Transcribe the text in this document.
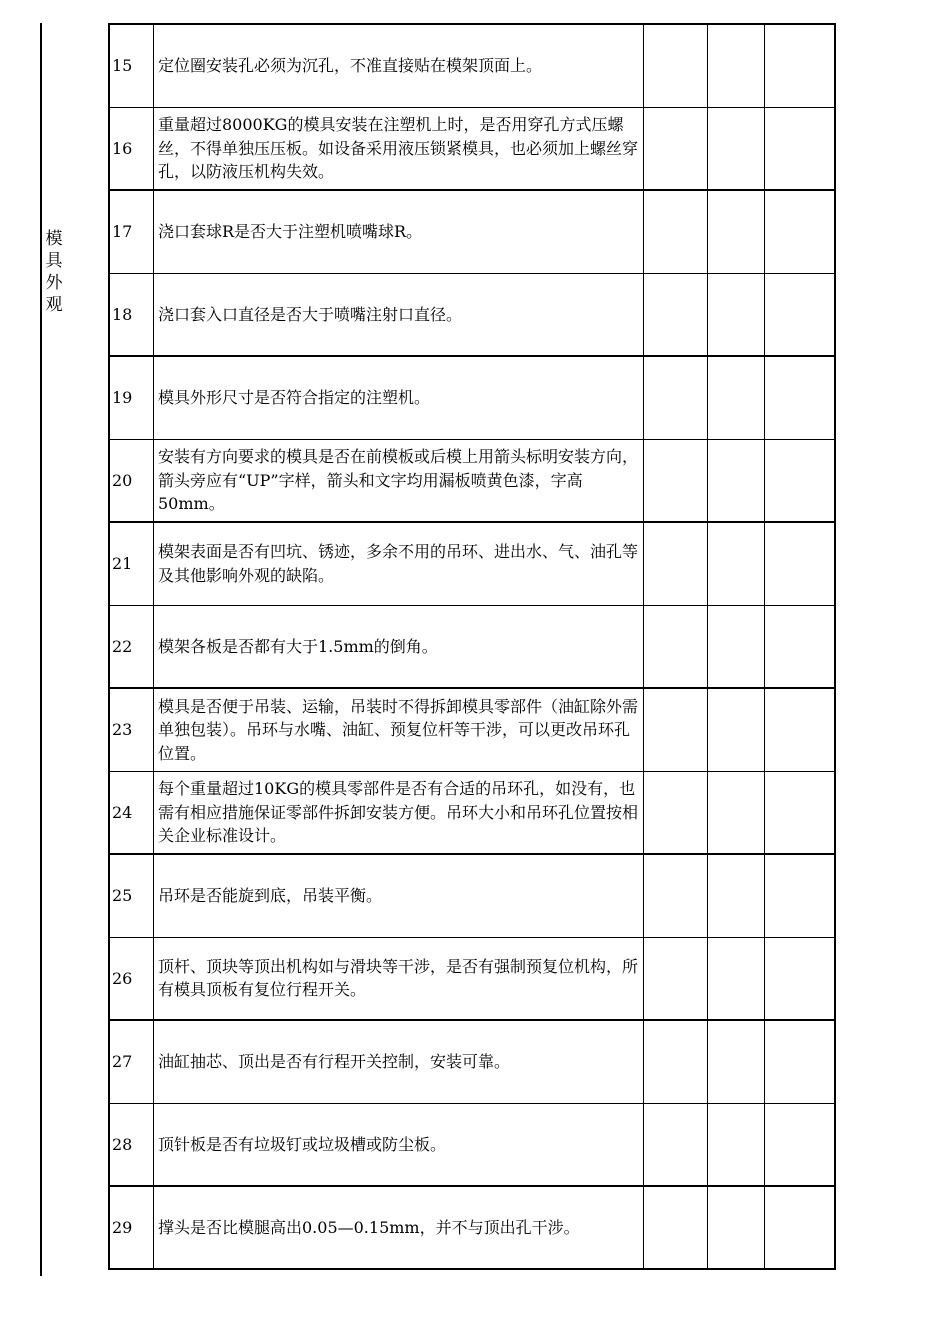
模
具
外
观
15	定位圈安装孔必须为沉孔，不准直接贴在模架顶面上。			
16	重量超过8000KG的模具安装在注塑机上时，是否用穿孔方式压螺丝，不得单独压压板。如设备采用液压锁紧模具，也必须加上螺丝穿孔，以防液压机构失效。			
17	浇口套球R是否大于注塑机喷嘴球R。			
18	浇口套入口直径是否大于喷嘴注射口直径。			
19	模具外形尺寸是否符合指定的注塑机。			
20	安装有方向要求的模具是否在前模板或后模上用箭头标明安装方向，箭头旁应有“UP”字样，箭头和文字均用漏板喷黄色漆，字高50mm。			
21	模架表面是否有凹坑、锈迹，多余不用的吊环、进出水、气、油孔等及其他影响外观的缺陷。			
22	模架各板是否都有大于1.5mm的倒角。			
23	模具是否便于吊装、运输，吊装时不得拆卸模具零部件（油缸除外需单独包装）。吊环与水嘴、油缸、预复位杆等干涉，可以更改吊环孔位置。			
24	每个重量超过10KG的模具零部件是否有合适的吊环孔，如没有，也需有相应措施保证零部件拆卸安装方便。吊环大小和吊环孔位置按相关企业标准设计。			
25	吊环是否能旋到底，吊装平衡。			
26	顶杆、顶块等顶出机构如与滑块等干涉，是否有强制预复位机构，所有模具顶板有复位行程开关。			
27	油缸抽芯、顶出是否有行程开关控制，安装可靠。			
28	顶针板是否有垃圾钉或垃圾槽或防尘板。			
29	撑头是否比模腿高出0.05—0.15mm，并不与顶出孔干涉。			
